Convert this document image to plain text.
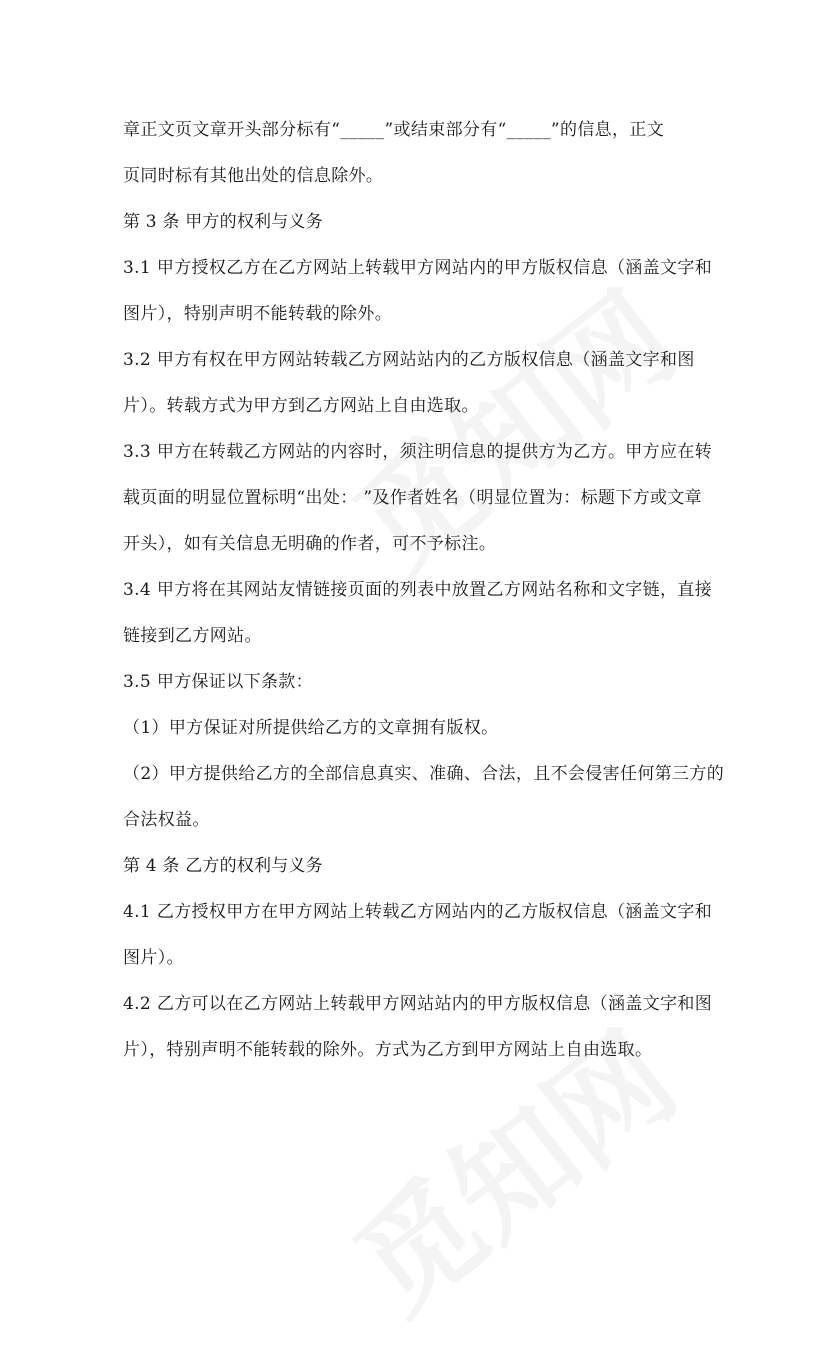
章正文页文章开头部分标有“_____”或结束部分有“_____”的信息，正文
页同时标有其他出处的信息除外。
第 3 条 甲方的权利与义务
3.1 甲方授权乙方在乙方网站上转载甲方网站内的甲方版权信息（涵盖文字和
图片），特别声明不能转载的除外。
3.2 甲方有权在甲方网站转载乙方网站站内的乙方版权信息（涵盖文字和图
片）。转载方式为甲方到乙方网站上自由选取。
3.3 甲方在转载乙方网站的内容时，须注明信息的提供方为乙方。甲方应在转
载页面的明显位置标明“出处： ”及作者姓名（明显位置为：标题下方或文章
开头），如有关信息无明确的作者，可不予标注。
3.4 甲方将在其网站友情链接页面的列表中放置乙方网站名称和文字链，直接
链接到乙方网站。
3.5 甲方保证以下条款：
（1）甲方保证对所提供给乙方的文章拥有版权。
（2）甲方提供给乙方的全部信息真实、准确、合法，且不会侵害任何第三方的
合法权益。
第 4 条 乙方的权利与义务
4.1 乙方授权甲方在甲方网站上转载乙方网站内的乙方版权信息（涵盖文字和
图片）。
4.2 乙方可以在乙方网站上转载甲方网站站内的甲方版权信息（涵盖文字和图
片），特别声明不能转载的除外。方式为乙方到甲方网站上自由选取。
